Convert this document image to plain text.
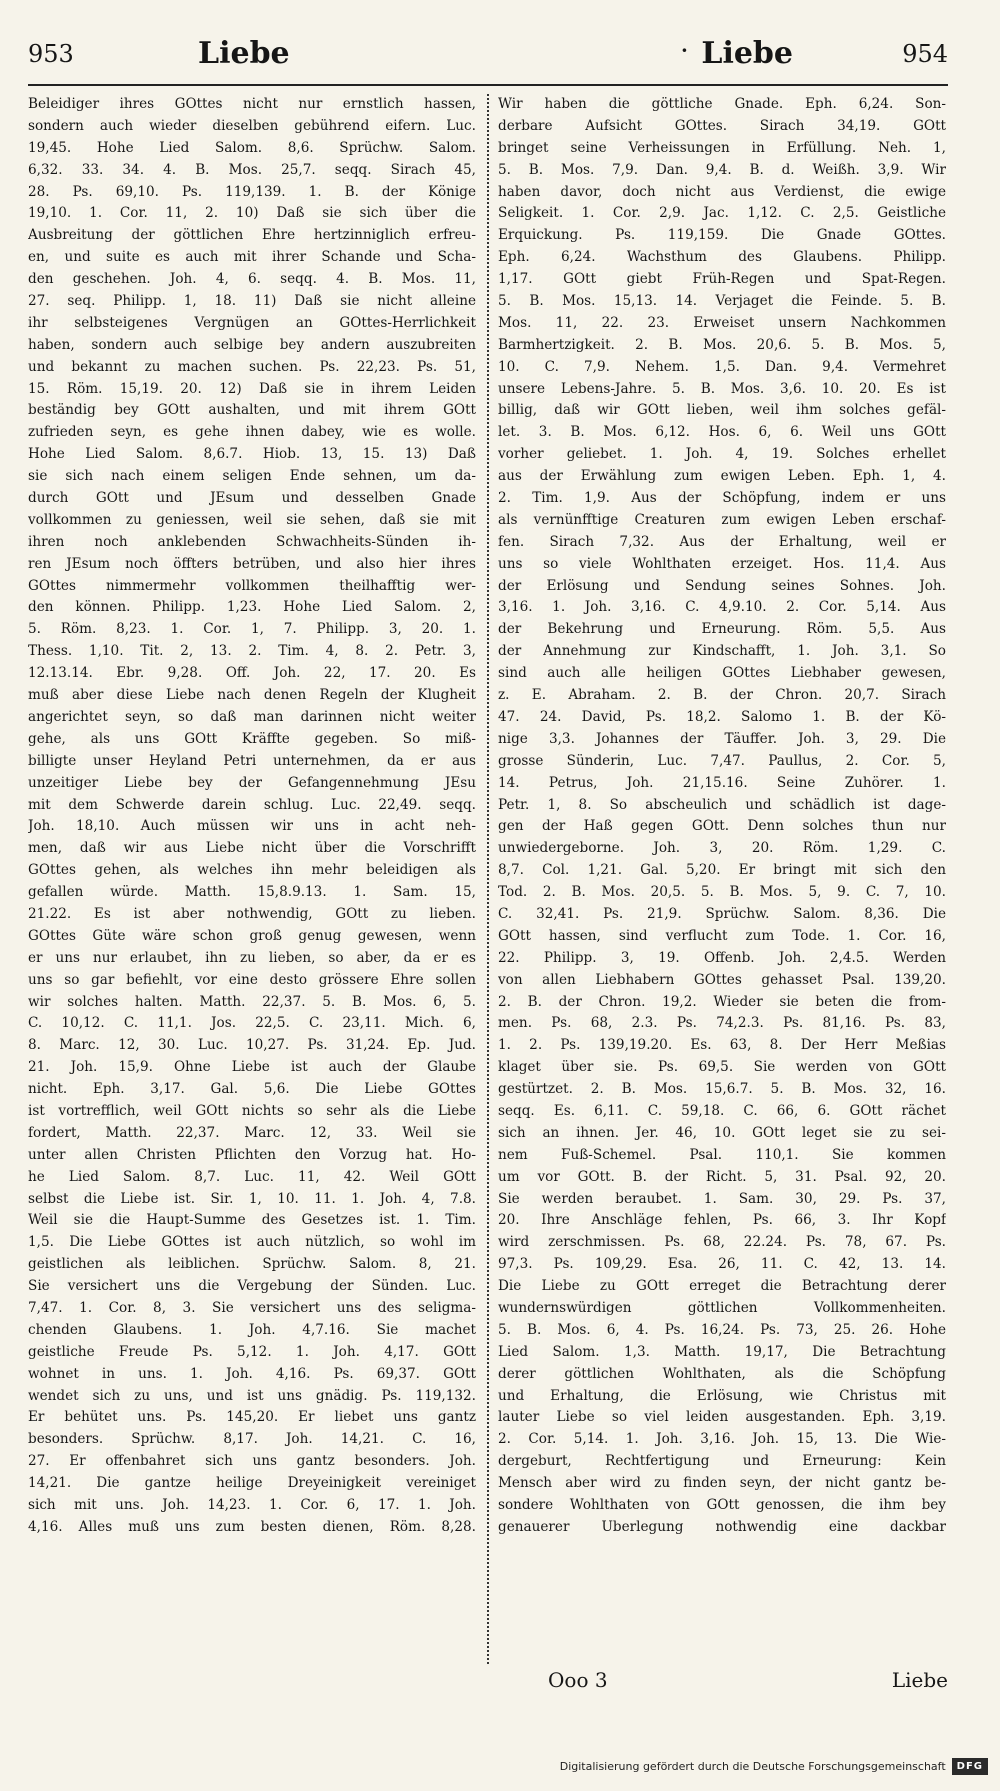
953	Liebe	· Liebe	954
Beleidiger ihres GOttes nicht nur ernstlich hassen,
sondern auch wieder dieselben gebührend eifern. Luc.
19,45. Hohe Lied Salom. 8,6. Sprüchw. Salom.
6,32. 33. 34. 4. B. Mos. 25,7. seqq. Sirach 45,
28. Ps. 69,10. Ps. 119,139. 1. B. der Könige
19,10. 1. Cor. 11, 2. 10) Daß sie sich über die
Ausbreitung der göttlichen Ehre hertzinniglich erfreu-
en, und suite es auch mit ihrer Schande und Scha-
den geschehen. Joh. 4, 6. seqq. 4. B. Mos. 11,
27. seq. Philipp. 1, 18. 11) Daß sie nicht alleine
ihr selbsteigenes Vergnügen an GOttes-Herrlichkeit
haben, sondern auch selbige bey andern auszubreiten
und bekannt zu machen suchen. Ps. 22,23. Ps. 51,
15. Röm. 15,19. 20. 12) Daß sie in ihrem Leiden
beständig bey GOtt aushalten, und mit ihrem GOtt
zufrieden seyn, es gehe ihnen dabey, wie es wolle.
Hohe Lied Salom. 8,6.7. Hiob. 13, 15. 13) Daß
sie sich nach einem seligen Ende sehnen, um da-
durch GOtt und JEsum und desselben Gnade
vollkommen zu geniessen, weil sie sehen, daß sie mit
ihren noch anklebenden Schwachheits-Sünden ih-
ren JEsum noch öffters betrüben, und also hier ihres
GOttes nimmermehr vollkommen theilhafftig wer-
den können. Philipp. 1,23. Hohe Lied Salom. 2,
5. Röm. 8,23. 1. Cor. 1, 7. Philipp. 3, 20. 1.
Thess. 1,10. Tit. 2, 13. 2. Tim. 4, 8. 2. Petr. 3,
12.13.14. Ebr. 9,28. Off. Joh. 22, 17. 20. Es
muß aber diese Liebe nach denen Regeln der Klugheit
angerichtet seyn, so daß man darinnen nicht weiter
gehe, als uns GOtt Kräffte gegeben. So miß-
billigte unser Heyland Petri unternehmen, da er aus
unzeitiger Liebe bey der Gefangennehmung JEsu
mit dem Schwerde darein schlug. Luc. 22,49. seqq.
Joh. 18,10. Auch müssen wir uns in acht neh-
men, daß wir aus Liebe nicht über die Vorschrifft
GOttes gehen, als welches ihn mehr beleidigen als
gefallen würde. Matth. 15,8.9.13. 1. Sam. 15,
21.22. Es ist aber nothwendig, GOtt zu lieben.
GOttes Güte wäre schon groß genug gewesen, wenn
er uns nur erlaubet, ihn zu lieben, so aber, da er es
uns so gar befiehlt, vor eine desto grössere Ehre sollen
wir solches halten. Matth. 22,37. 5. B. Mos. 6, 5.
C. 10,12. C. 11,1. Jos. 22,5. C. 23,11. Mich. 6,
8. Marc. 12, 30. Luc. 10,27. Ps. 31,24. Ep. Jud.
21. Joh. 15,9. Ohne Liebe ist auch der Glaube
nicht. Eph. 3,17. Gal. 5,6. Die Liebe GOttes
ist vortrefflich, weil GOtt nichts so sehr als die Liebe
fordert, Matth. 22,37. Marc. 12, 33. Weil sie
unter allen Christen Pflichten den Vorzug hat. Ho-
he Lied Salom. 8,7. Luc. 11, 42. Weil GOtt
selbst die Liebe ist. Sir. 1, 10. 11. 1. Joh. 4, 7.8.
Weil sie die Haupt-Summe des Gesetzes ist. 1. Tim.
1,5. Die Liebe GOttes ist auch nützlich, so wohl im
geistlichen als leiblichen. Sprüchw. Salom. 8, 21.
Sie versichert uns die Vergebung der Sünden. Luc.
7,47. 1. Cor. 8, 3. Sie versichert uns des seligma-
chenden Glaubens. 1. Joh. 4,7.16. Sie machet
geistliche Freude Ps. 5,12. 1. Joh. 4,17. GOtt
wohnet in uns. 1. Joh. 4,16. Ps. 69,37. GOtt
wendet sich zu uns, und ist uns gnädig. Ps. 119,132.
Er behütet uns. Ps. 145,20. Er liebet uns gantz
besonders. Sprüchw. 8,17. Joh. 14,21. C. 16,
27. Er offenbahret sich uns gantz besonders. Joh.
14,21. Die gantze heilige Dreyeinigkeit vereiniget
sich mit uns. Joh. 14,23. 1. Cor. 6, 17. 1. Joh.
4,16. Alles muß uns zum besten dienen, Röm. 8,28.
Wir haben die göttliche Gnade. Eph. 6,24. Son-
derbare Aufsicht GOttes. Sirach 34,19. GOtt
bringet seine Verheissungen in Erfüllung. Neh. 1,
5. B. Mos. 7,9. Dan. 9,4. B. d. Weißh. 3,9. Wir
haben davor, doch nicht aus Verdienst, die ewige
Seligkeit. 1. Cor. 2,9. Jac. 1,12. C. 2,5. Geistliche
Erquickung. Ps. 119,159. Die Gnade GOttes.
Eph. 6,24. Wachsthum des Glaubens. Philipp.
1,17. GOtt giebt Früh-Regen und Spat-Regen.
5. B. Mos. 15,13. 14. Verjaget die Feinde. 5. B.
Mos. 11, 22. 23. Erweiset unsern Nachkommen
Barmhertzigkeit. 2. B. Mos. 20,6. 5. B. Mos. 5,
10. C. 7,9. Nehem. 1,5. Dan. 9,4. Vermehret
unsere Lebens-Jahre. 5. B. Mos. 3,6. 10. 20. Es ist
billig, daß wir GOtt lieben, weil ihm solches gefäl-
let. 3. B. Mos. 6,12. Hos. 6, 6. Weil uns GOtt
vorher geliebet. 1. Joh. 4, 19. Solches erhellet
aus der Erwählung zum ewigen Leben. Eph. 1, 4.
2. Tim. 1,9. Aus der Schöpfung, indem er uns
als vernünfftige Creaturen zum ewigen Leben erschaf-
fen. Sirach 7,32. Aus der Erhaltung, weil er
uns so viele Wohlthaten erzeiget. Hos. 11,4. Aus
der Erlösung und Sendung seines Sohnes. Joh.
3,16. 1. Joh. 3,16. C. 4,9.10. 2. Cor. 5,14. Aus
der Bekehrung und Erneurung. Röm. 5,5. Aus
der Annehmung zur Kindschafft, 1. Joh. 3,1. So
sind auch alle heiligen GOttes Liebhaber gewesen,
z. E. Abraham. 2. B. der Chron. 20,7. Sirach
47. 24. David, Ps. 18,2. Salomo 1. B. der Kö-
nige 3,3. Johannes der Täuffer. Joh. 3, 29. Die
grosse Sünderin, Luc. 7,47. Paullus, 2. Cor. 5,
14. Petrus, Joh. 21,15.16. Seine Zuhörer. 1.
Petr. 1, 8. So abscheulich und schädlich ist dage-
gen der Haß gegen GOtt. Denn solches thun nur
unwiedergeborne. Joh. 3, 20. Röm. 1,29. C.
8,7. Col. 1,21. Gal. 5,20. Er bringt mit sich den
Tod. 2. B. Mos. 20,5. 5. B. Mos. 5, 9. C. 7, 10.
C. 32,41. Ps. 21,9. Sprüchw. Salom. 8,36. Die
GOtt hassen, sind verflucht zum Tode. 1. Cor. 16,
22. Philipp. 3, 19. Offenb. Joh. 2,4.5. Werden
von allen Liebhabern GOttes gehasset Psal. 139,20.
2. B. der Chron. 19,2. Wieder sie beten die from-
men. Ps. 68, 2.3. Ps. 74,2.3. Ps. 81,16. Ps. 83,
1. 2. Ps. 139,19.20. Es. 63, 8. Der Herr Meßias
klaget über sie. Ps. 69,5. Sie werden von GOtt
gestürtzet. 2. B. Mos. 15,6.7. 5. B. Mos. 32, 16.
seqq. Es. 6,11. C. 59,18. C. 66, 6. GOtt rächet
sich an ihnen. Jer. 46, 10. GOtt leget sie zu sei-
nem Fuß-Schemel. Psal. 110,1. Sie kommen
um vor GOtt. B. der Richt. 5, 31. Psal. 92, 20.
Sie werden beraubet. 1. Sam. 30, 29. Ps. 37,
20. Ihre Anschläge fehlen, Ps. 66, 3. Ihr Kopf
wird zerschmissen. Ps. 68, 22.24. Ps. 78, 67. Ps.
97,3. Ps. 109,29. Esa. 26, 11. C. 42, 13. 14.
Die Liebe zu GOtt erreget die Betrachtung derer
wundernswürdigen göttlichen Vollkommenheiten.
5. B. Mos. 6, 4. Ps. 16,24. Ps. 73, 25. 26. Hohe
Lied Salom. 1,3. Matth. 19,17, Die Betrachtung
derer göttlichen Wohlthaten, als die Schöpfung
und Erhaltung, die Erlösung, wie Christus mit
lauter Liebe so viel leiden ausgestanden. Eph. 3,19.
2. Cor. 5,14. 1. Joh. 3,16. Joh. 15, 13. Die Wie-
dergeburt, Rechtfertigung und Erneurung: Kein
Mensch aber wird zu finden seyn, der nicht gantz be-
sondere Wohlthaten von GOtt genossen, die ihm bey
genauerer Uberlegung nothwendig eine dackbar
Ooo 3	Liebe
Digitalisierung gefördert durch die Deutsche Forschungsgemeinschaft	DFG
